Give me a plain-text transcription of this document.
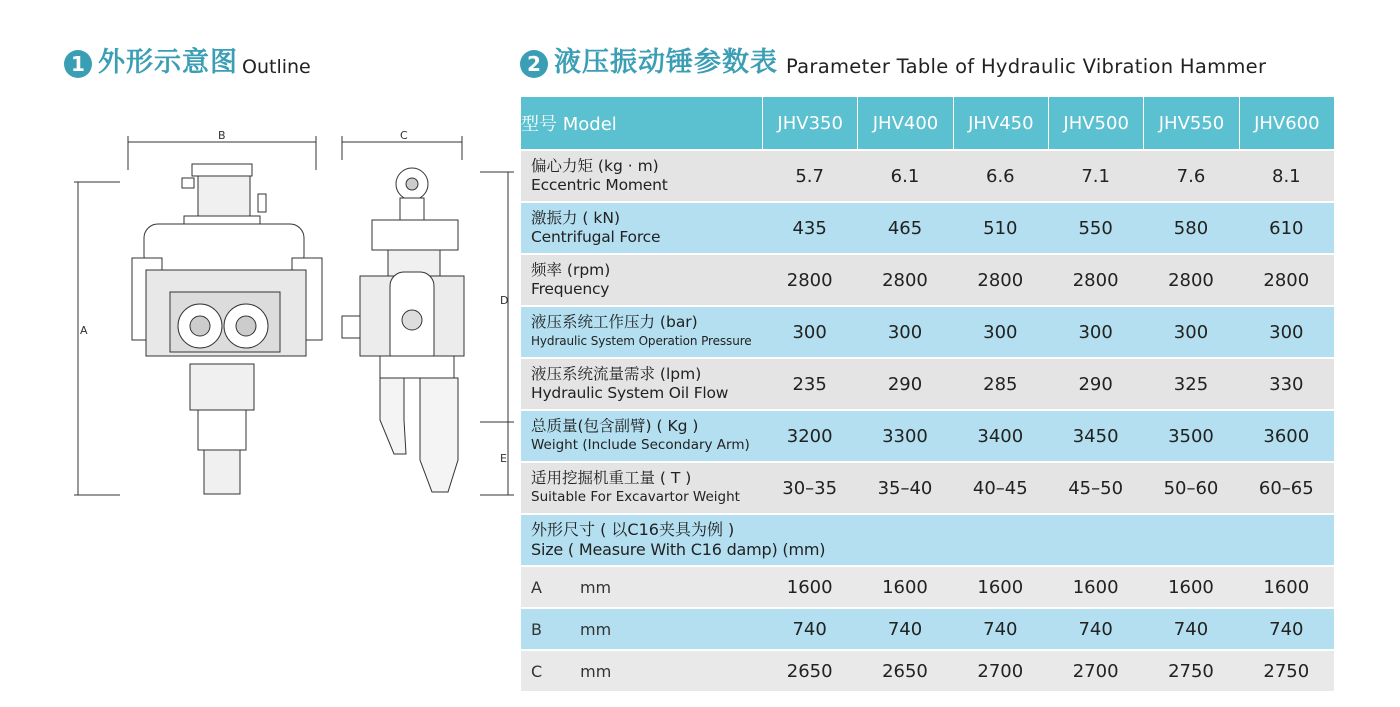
1 外形示意图 Outline	2 液压振动锤参数表 Parameter Table of Hydraulic Vibration Hammer
B
A
C
D
E
型号 Model	JHV350	JHV400	JHV450	JHV500	JHV550	JHV600

偏心力矩 (kg · m)
Eccentric Moment	5.7	6.1	6.6	7.1	7.6	8.1

激振力 ( kN)
Centrifugal Force	435	465	510	550	580	610

频率 (rpm)
Frequency	2800	2800	2800	2800	2800	2800

液压系统工作压力 (bar)
Hydraulic System Operation Pressure	300	300	300	300	300	300

液压系统流量需求 (lpm)
Hydraulic System Oil Flow	235	290	285	290	325	330

总质量(包含副臂) ( Kg )
Weight (Include Secondary Arm)	3200	3300	3400	3450	3500	3600

适用挖掘机重工量 ( T )
Suitable For Excavartor Weight	30–35	35–40	40–45	45–50	50–60	60–65

外形尺寸 ( 以C16夹具为例 )
Size ( Measure With C16 damp) (mm)						

A mm	1600	1600	1600	1600	1600	1600
B mm	740	740	740	740	740	740
C mm	2650	2650	2700	2700	2750	2750
